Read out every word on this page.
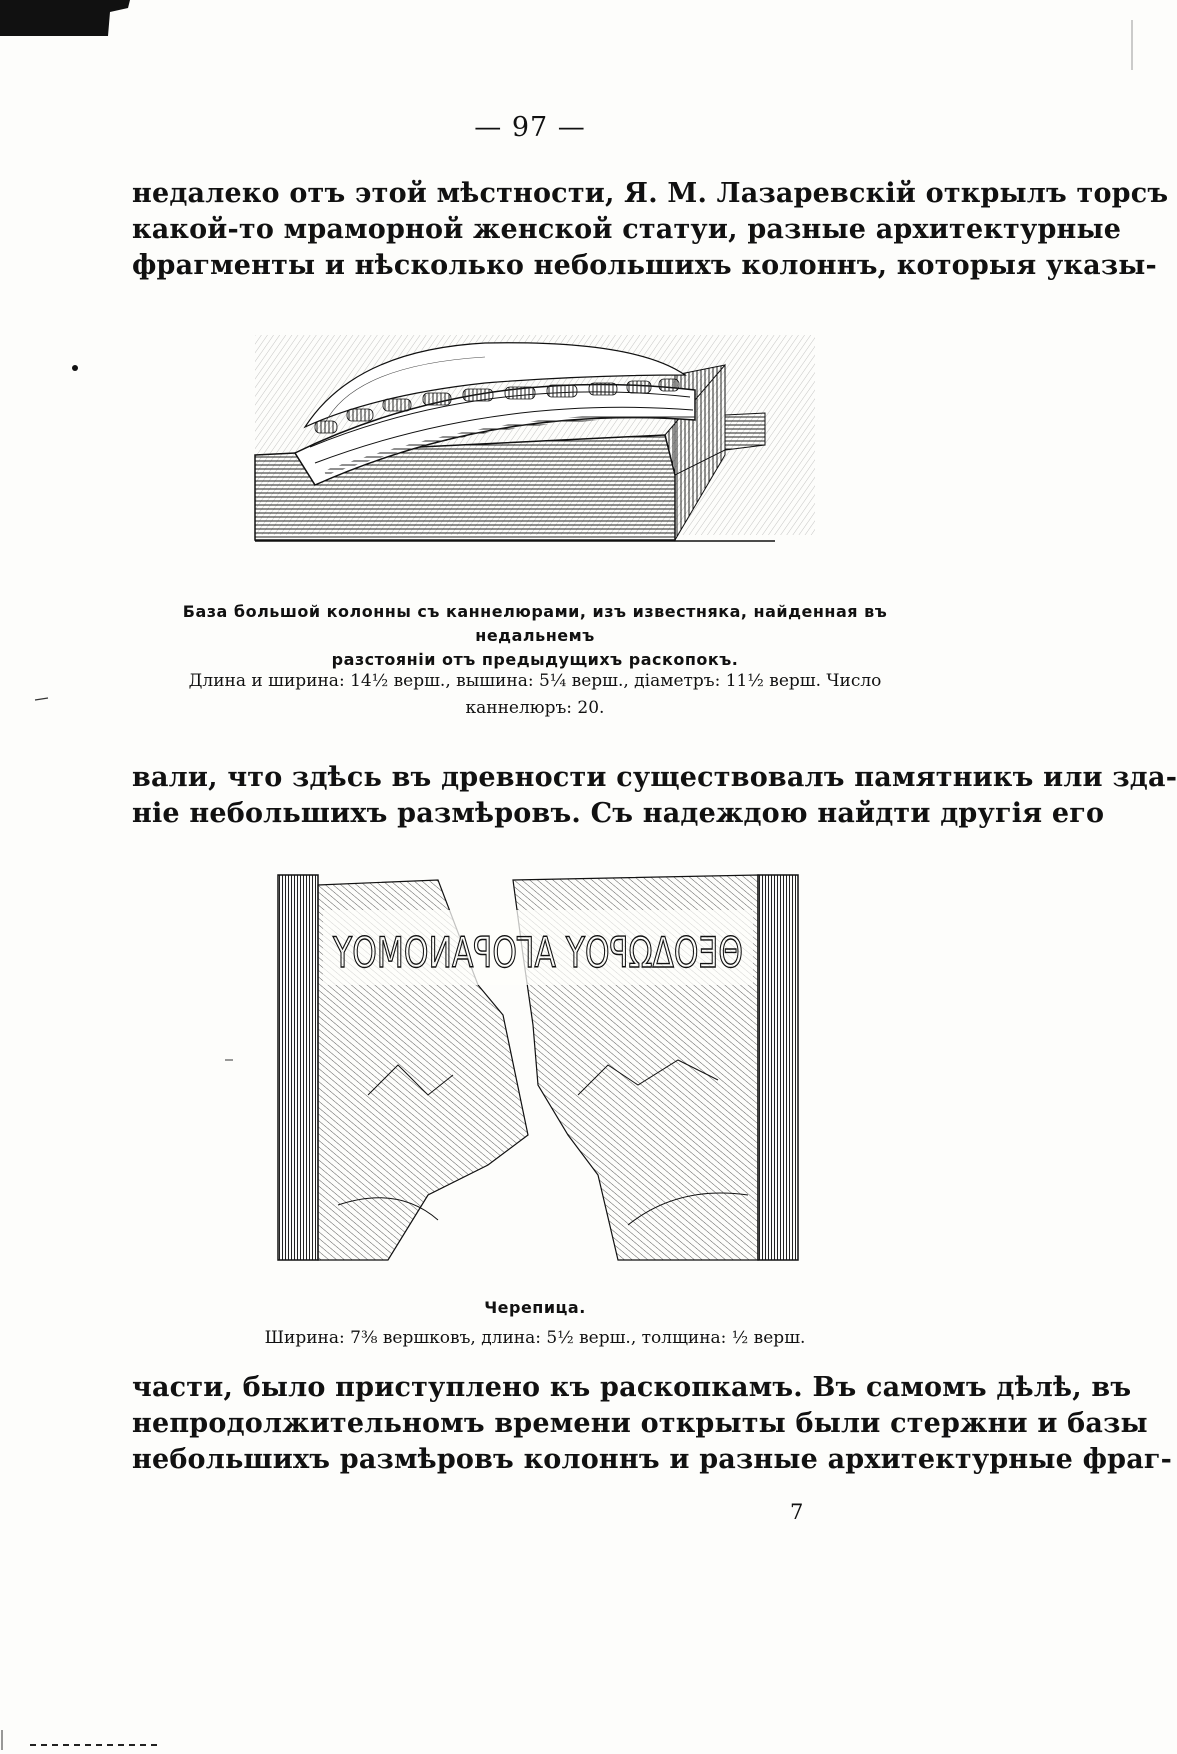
— 97 —
недалеко отъ этой мѣстности, Я. М. Лазаревскій открылъ торсъ
какой-то мраморной женской статуи, разные архитектурные
фрагменты и нѣсколько небольшихъ колоннъ, которыя указы-
База большой колонны съ каннелюрами, изъ известняка, найденная въ недальнемъ
разстояніи отъ предыдущихъ раскопокъ.
Длина и ширина: 14½ верш., вышина: 5¼ верш., діаметръ: 11½ верш. Число
каннелюръ: 20.
вали, что здѣсь въ древности существовалъ памятникъ или зда-
ніе небольшихъ размѣровъ. Съ надеждою найдти другія его
ΘΕΟΔΩΡΟΥ ΑΓΟΡΑΝΟΜΟΥ
Черепица.
Ширина: 7⅜ вершковъ, длина: 5½ верш., толщина: ½ верш.
части, было приступлено къ раскопкамъ. Въ самомъ дѣлѣ, въ
непродолжительномъ времени открыты были стержни и базы
небольшихъ размѣровъ колоннъ и разные архитектурные фраг-
7
